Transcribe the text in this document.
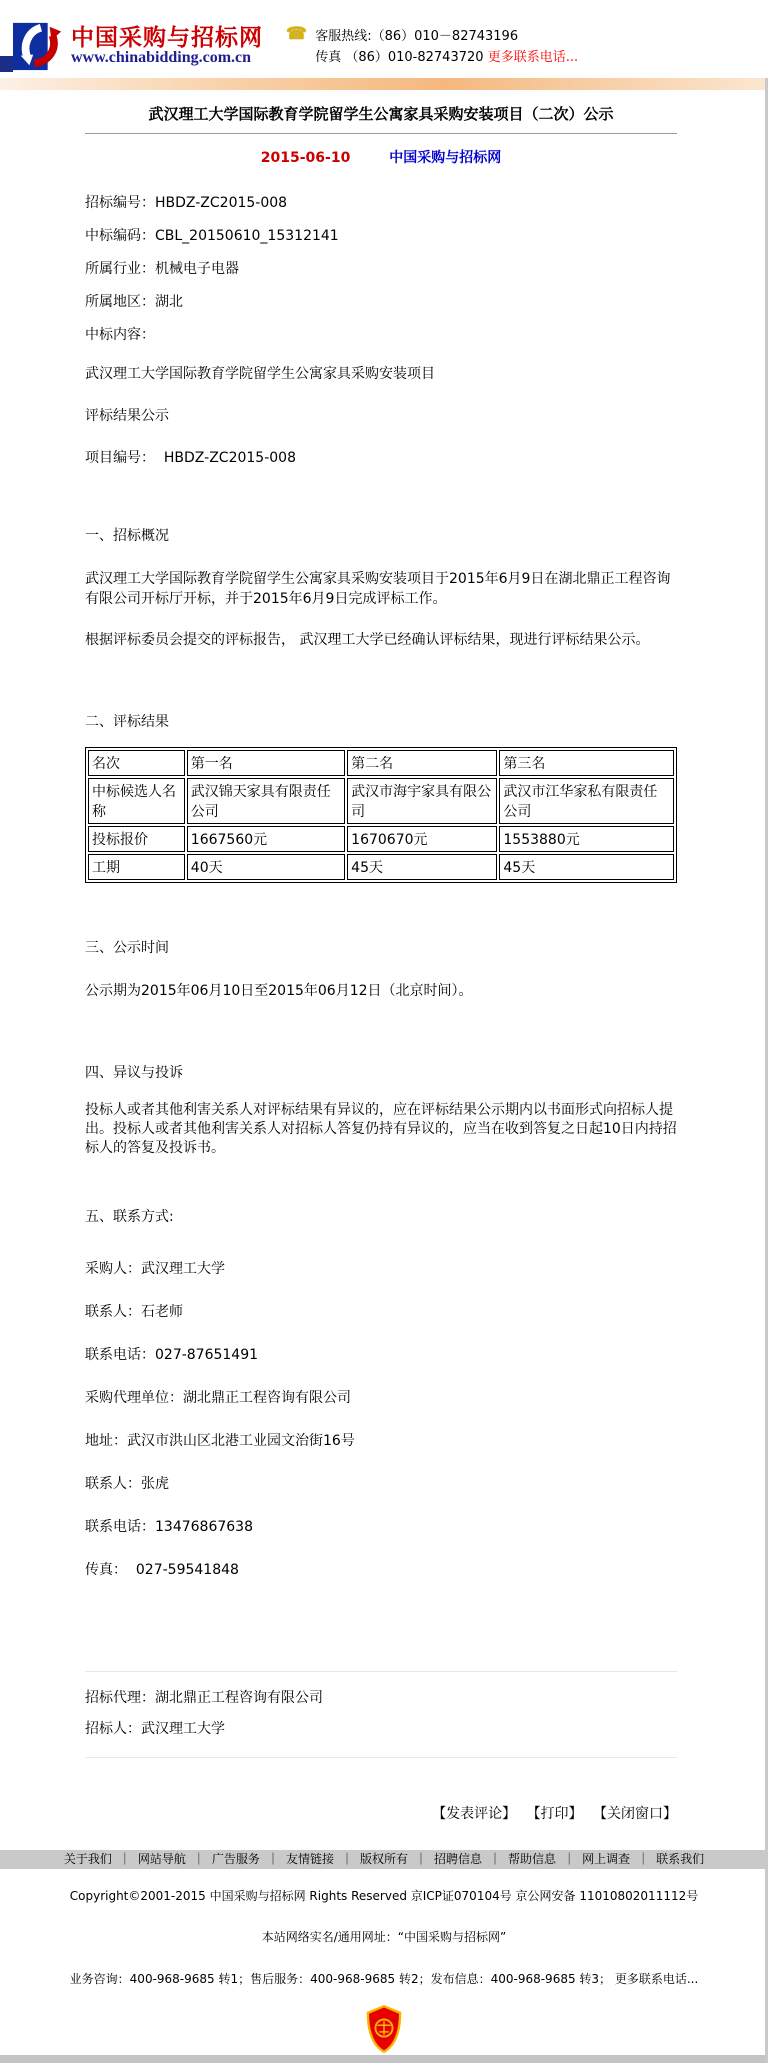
中国采购与招标网
www.chinabidding.com.cn
☎ 客服热线:（86）010－82743196
传真 （86）010-82743720 更多联系电话...
武汉理工大学国际教育学院留学生公寓家具采购安装项目（二次）公示
2015-06-10	中国采购与招标网

招标编号：HBDZ-ZC2015-008

中标编码：CBL_20150610_15312141

所属行业：机械电子电器

所属地区：湖北

中标内容：

武汉理工大学国际教育学院留学生公寓家具采购安装项目

评标结果公示

项目编号：  HBDZ-ZC2015-008

一、招标概况

武汉理工大学国际教育学院留学生公寓家具采购安装项目于2015年6月9日在湖北鼎正工程咨询有限公司开标厅开标，并于2015年6月9日完成评标工作。

根据评标委员会提交的评标报告， 武汉理工大学已经确认评标结果，现进行评标结果公示。

二、评标结果

名次	第一名	第二名	第三名
中标候选人名称	武汉锦天家具有限责任公司	武汉市海宇家具有限公司	武汉市江华家私有限责任公司
投标报价	1667560元	1670670元	1553880元
工期	40天	45天	45天

三、公示时间

公示期为2015年06月10日至2015年06月12日（北京时间）。

四、异议与投诉

投标人或者其他利害关系人对评标结果有异议的，应在评标结果公示期内以书面形式向招标人提出。投标人或者其他利害关系人对招标人答复仍持有异议的，应当在收到答复之日起10日内持招标人的答复及投诉书。

五、联系方式:

采购人：武汉理工大学

联系人：石老师

联系电话：027-87651491

采购代理单位：湖北鼎正工程咨询有限公司

地址：武汉市洪山区北港工业园文治街16号

联系人：张虎

联系电话：13476867638

传真：  027-59541848

招标代理：湖北鼎正工程咨询有限公司

招标人：武汉理工大学

【发表评论】 【打印】 【关闭窗口】
关于我们 ｜ 网站导航 ｜ 广告服务 ｜ 友情链接 ｜ 版权所有 ｜ 招聘信息 ｜ 帮助信息 ｜ 网上调查 ｜ 联系我们

Copyright©2001-2015 中国采购与招标网 Rights Reserved 京ICP证070104号 京公网安备 11010802011112号

本站网络实名/通用网址：“中国采购与招标网”

业务咨询：400-968-9685 转1；售后服务：400-968-9685 转2；发布信息：400-968-9685 转3； 更多联系电话...
